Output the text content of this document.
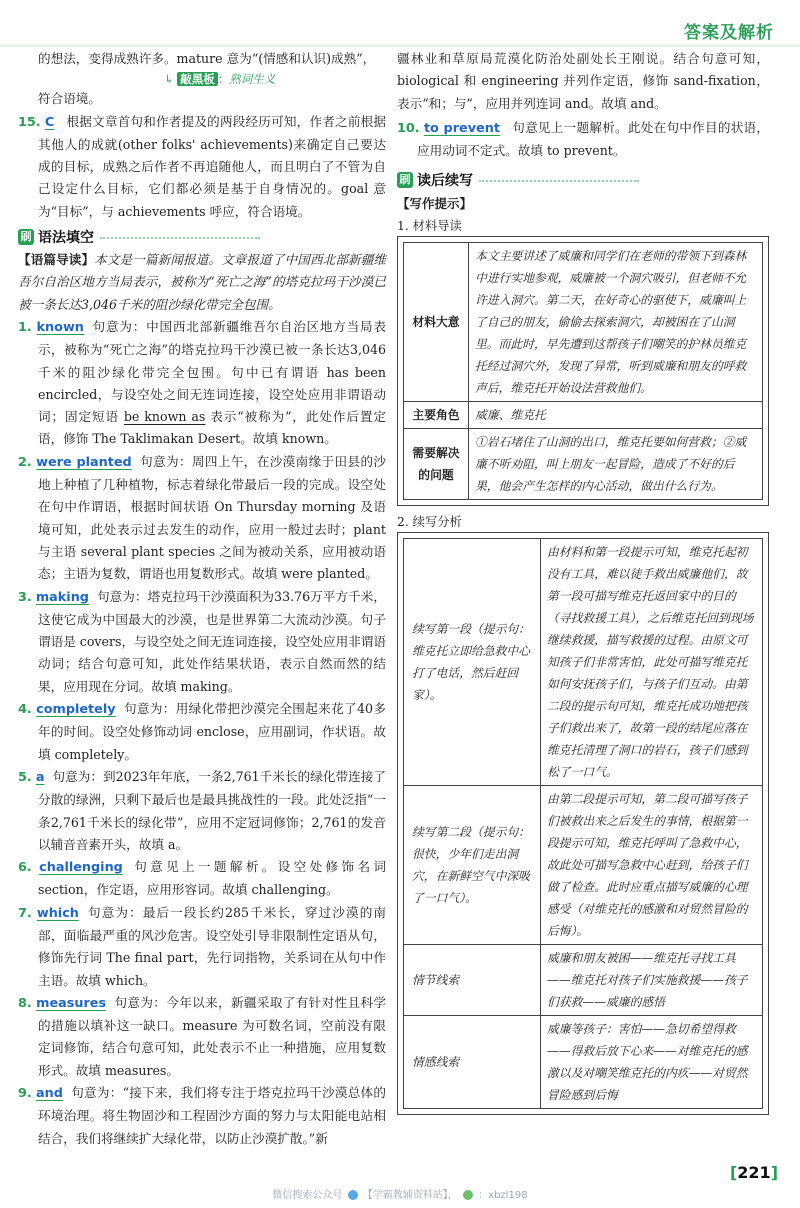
答案及解析

的想法，变得成熟许多。mature 意为“(情感和认识)成熟”，

↳ 敲黑板 ：熟词生义

符合语境。

15. C 根据文章首句和作者提及的两段经历可知，作者之前根据其他人的成就(other folks' achievements)来确定自己要达成的目标，成熟之后作者不再追随他人，而且明白了不管为自己设定什么目标，它们都必须是基于自身情况的。goal 意为“目标”，与 achievements 呼应，符合语境。

刷 语法填空

【语篇导读】本文是一篇新闻报道。文章报道了中国西北部新疆维吾尔自治区地方当局表示，被称为“死亡之海”的塔克拉玛干沙漠已被一条长达3,046千米的阻沙绿化带完全包围。

1. known 句意为：中国西北部新疆维吾尔自治区地方当局表示，被称为“死亡之海”的塔克拉玛干沙漠已被一条长达3,046千米的阻沙绿化带完全包围。句中已有谓语 has been encircled，与设空处之间无连词连接，设空处应用非谓语动词；固定短语 be known as 表示“被称为”，此处作后置定语，修饰 The Taklimakan Desert。故填 known。

2. were planted 句意为：周四上午，在沙漠南缘于田县的沙地上种植了几种植物，标志着绿化带最后一段的完成。设空处在句中作谓语，根据时间状语 On Thursday morning 及语境可知，此处表示过去发生的动作，应用一般过去时；plant 与主语 several plant species 之间为被动关系，应用被动语态；主语为复数，谓语也用复数形式。故填 were planted。

3. making 句意为：塔克拉玛干沙漠面积为33.76万平方千米，这使它成为中国最大的沙漠，也是世界第二大流动沙漠。句子谓语是 covers，与设空处之间无连词连接，设空处应用非谓语动词；结合句意可知，此处作结果状语，表示自然而然的结果，应用现在分词。故填 making。

4. completely 句意为：用绿化带把沙漠完全围起来花了40多年的时间。设空处修饰动词 enclose，应用副词，作状语。故填 completely。

5. a 句意为：到2023年年底，一条2,761千米长的绿化带连接了分散的绿洲，只剩下最后也是最具挑战性的一段。此处泛指“一条2,761千米长的绿化带”，应用不定冠词修饰；2,761的发音以辅音音素开头，故填 a。

6. challenging 句意见上一题解析。设空处修饰名词 section，作定语，应用形容词。故填 challenging。

7. which 句意为：最后一段长约285千米长，穿过沙漠的南部，面临最严重的风沙危害。设空处引导非限制性定语从句，修饰先行词 The final part，先行词指物，关系词在从句中作主语。故填 which。

8. measures 句意为：今年以来，新疆采取了有针对性且科学的措施以填补这一缺口。measure 为可数名词，空前没有限定词修饰，结合句意可知，此处表示不止一种措施，应用复数形式。故填 measures。

9. and 句意为：“接下来，我们将专注于塔克拉玛干沙漠总体的环境治理。将生物固沙和工程固沙方面的努力与太阳能电站相结合，我们将继续扩大绿化带，以防止沙漠扩散。”新

疆林业和草原局荒漠化防治处副处长王刚说。结合句意可知，biological 和 engineering 并列作定语，修饰 sand-fixation，表示“和；与”，应用并列连词 and。故填 and。

10. to prevent 句意见上一题解析。此处在句中作目的状语，应用动词不定式。故填 to prevent。

刷 读后续写
【写作提示】
1. 材料导读
材料大意	本文主要讲述了威廉和同学们在老师的带领下到森林中进行实地参观，威廉被一个洞穴吸引，但老师不允许进入洞穴。第二天，在好奇心的驱使下，威廉叫上了自己的朋友，偷偷去探索洞穴，却被困在了山洞里。而此时，早先遭到这帮孩子们嘲笑的护林员维克托经过洞穴外，发现了异常，听到威廉和朋友的呼救声后，维克托开始设法营救他们。
主要角色	威廉、维克托
需要解决的问题	①岩石堵住了山洞的出口，维克托要如何营救；②威廉不听劝阻，叫上朋友一起冒险，造成了不好的后果，他会产生怎样的内心活动，做出什么行为。
2. 续写分析
续写第一段（提示句：维克托立即给急救中心打了电话，然后赶回家）。	由材料和第一段提示可知，维克托起初没有工具，难以徒手救出威廉他们，故第一段可描写维克托返回家中的目的（寻找救援工具），之后维克托回到现场继续救援，描写救援的过程。由原文可知孩子们非常害怕，此处可描写维克托如何安抚孩子们，与孩子们互动。由第二段的提示句可知，维克托成功地把孩子们救出来了，故第一段的结尾应落在维克托清理了洞口的岩石，孩子们感到松了一口气。
续写第二段（提示句：很快，少年们走出洞穴，在新鲜空气中深吸了一口气）。	由第二段提示可知，第二段可描写孩子们被救出来之后发生的事情，根据第一段提示可知，维克托呼叫了急救中心，故此处可描写急救中心赶到，给孩子们做了检查。此时应重点描写威廉的心理感受（对维克托的感激和对贸然冒险的后悔）。
情节线索	威廉和朋友被困——维克托寻找工具——维克托对孩子们实施救援——孩子们获救——威廉的感悟
情感线索	威廉等孩子：害怕——急切希望得救——得救后放下心来——对维克托的感激以及对嘲笑维克托的内疚——对贸然冒险感到后悔
[221]
微信搜索公众号 【学霸教辅资料站】，  ：xbzl198
